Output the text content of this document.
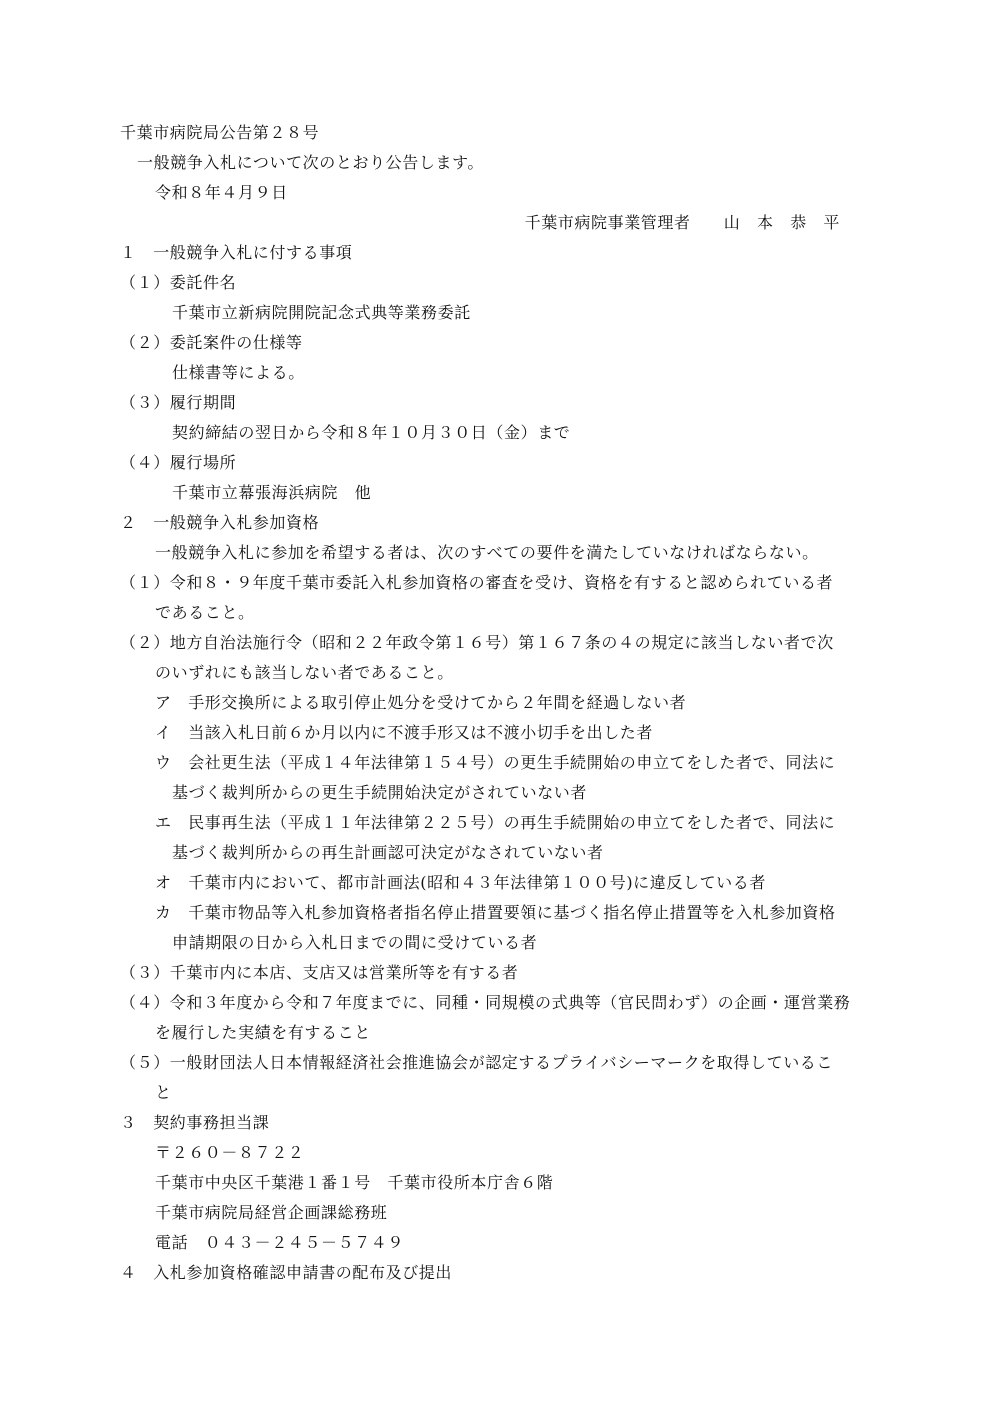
千葉市病院局公告第２８号
一般競争入札について次のとおり公告します。
令和８年４月９日
千葉市病院事業管理者　　山　本　恭　平
１　一般競争入札に付する事項
（１）委託件名
千葉市立新病院開院記念式典等業務委託
（２）委託案件の仕様等
仕様書等による。
（３）履行期間
契約締結の翌日から令和８年１０月３０日（金）まで
（４）履行場所
千葉市立幕張海浜病院　他
２　一般競争入札参加資格
一般競争入札に参加を希望する者は、次のすべての要件を満たしていなければならない。
（１）令和８・９年度千葉市委託入札参加資格の審査を受け、資格を有すると認められている者
であること。
（２）地方自治法施行令（昭和２２年政令第１６号）第１６７条の４の規定に該当しない者で次
のいずれにも該当しない者であること。
ア　手形交換所による取引停止処分を受けてから２年間を経過しない者
イ　当該入札日前６か月以内に不渡手形又は不渡小切手を出した者
ウ　会社更生法（平成１４年法律第１５４号）の更生手続開始の申立てをした者で、同法に
基づく裁判所からの更生手続開始決定がされていない者
エ　民事再生法（平成１１年法律第２２５号）の再生手続開始の申立てをした者で、同法に
基づく裁判所からの再生計画認可決定がなされていない者
オ　千葉市内において、都市計画法(昭和４３年法律第１００号)に違反している者
カ　千葉市物品等入札参加資格者指名停止措置要領に基づく指名停止措置等を入札参加資格
申請期限の日から入札日までの間に受けている者
（３）千葉市内に本店、支店又は営業所等を有する者
（４）令和３年度から令和７年度までに、同種・同規模の式典等（官民問わず）の企画・運営業務
を履行した実績を有すること
（５）一般財団法人日本情報経済社会推進協会が認定するプライバシーマークを取得しているこ
と
３　契約事務担当課
〒２６０－８７２２
千葉市中央区千葉港１番１号　千葉市役所本庁舎６階
千葉市病院局経営企画課総務班
電話　０４３－２４５－５７４９
４　入札参加資格確認申請書の配布及び提出
